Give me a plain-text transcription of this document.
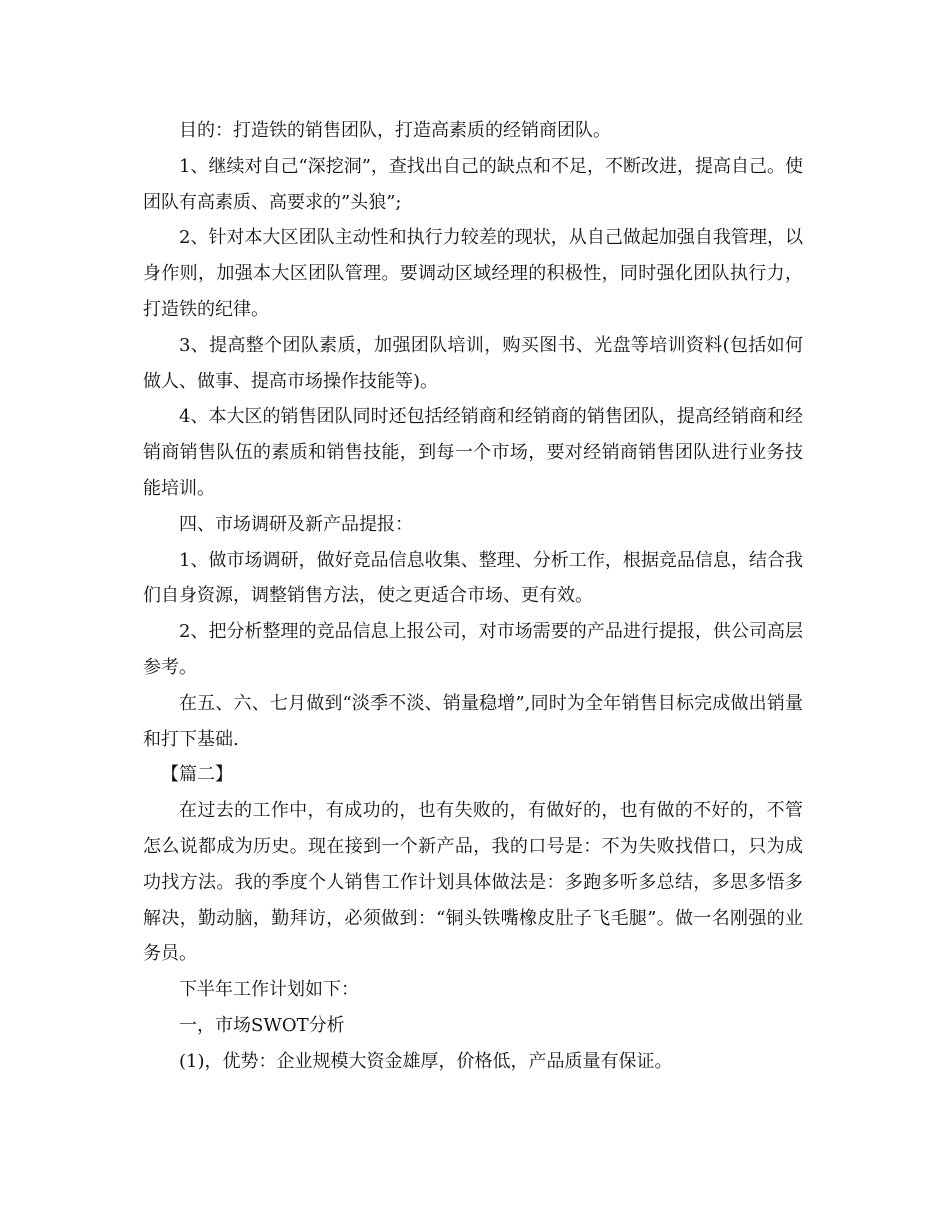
目的：打造铁的销售团队，打造高素质的经销商团队。

1、继续对自己“深挖洞”，查找出自己的缺点和不足，不断改进，提高自己。使团队有高素质、高要求的”头狼”;

2、针对本大区团队主动性和执行力较差的现状，从自己做起加强自我管理，以身作则，加强本大区团队管理。要调动区域经理的积极性，同时强化团队执行力，打造铁的纪律。

3、提高整个团队素质，加强团队培训，购买图书、光盘等培训资料(包括如何做人、做事、提高市场操作技能等)。

4、本大区的销售团队同时还包括经销商和经销商的销售团队，提高经销商和经销商销售队伍的素质和销售技能，到每一个市场，要对经销商销售团队进行业务技能培训。

四、市场调研及新产品提报：

1、做市场调研，做好竞品信息收集、整理、分析工作，根据竞品信息，结合我们自身资源，调整销售方法，使之更适合市场、更有效。

2、把分析整理的竞品信息上报公司，对市场需要的产品进行提报，供公司高层参考。

在五、六、七月做到“淡季不淡、销量稳增”,同时为全年销售目标完成做出销量和打下基础.

【篇二】

在过去的工作中，有成功的，也有失败的，有做好的，也有做的不好的，不管怎么说都成为历史。现在接到一个新产品，我的口号是：不为失败找借口，只为成功找方法。我的季度个人销售工作计划具体做法是：多跑多听多总结，多思多悟多解决，勤动脑，勤拜访，必须做到：“铜头铁嘴橡皮肚子飞毛腿”。做一名刚强的业务员。

下半年工作计划如下：

一，市场SWOT分析

(1)，优势：企业规模大资金雄厚，价格低，产品质量有保证。
